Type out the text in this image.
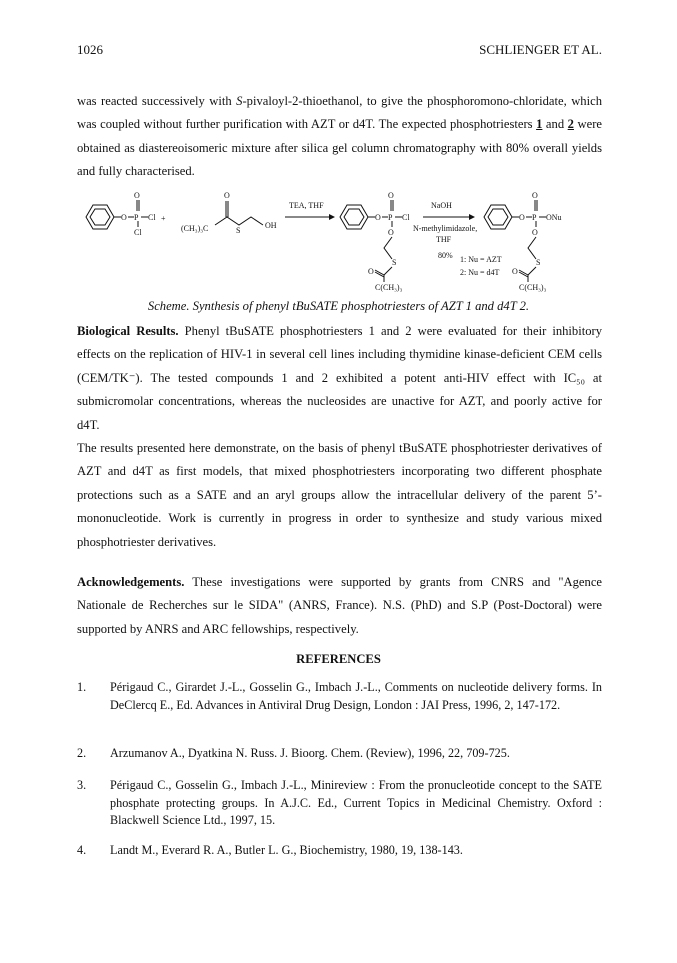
1026	SCHLIENGER ET AL.
was reacted successively with S-pivaloyl-2-thioethanol, to give the phosphoromono-chloridate, which was coupled without further purification with AZT or d4T. The expected phosphotriesters 1 and 2 were obtained as diastereoisomeric mixture after silica gel column chromatography with 80% overall yields and fully characterised.
O P
O
Cl
Cl +
(CH₃)₃C
O
S
OH
TEA, THF
O P
O
Cl
O
S
O
C(CH₃)₃
NaOH
N-methylimidazole,
THF
80% 1: Nu = AZT
2: Nu = d4T
O P
O
ONu
O
S
O
C(CH₃)₃
Scheme. Synthesis of phenyl tBuSATE phosphotriesters of AZT 1 and d4T 2.
Biological Results. Phenyl tBuSATE phosphotriesters 1 and 2 were evaluated for their inhibitory effects on the replication of HIV-1 in several cell lines including thymidine kinase-deficient CEM cells (CEM/TK⁻). The tested compounds 1 and 2 exhibited a potent anti-HIV effect with IC₅₀ at submicromolar concentrations, whereas the nucleosides are unactive for AZT, and poorly active for d4T.
The results presented here demonstrate, on the basis of phenyl tBuSATE phosphotriester derivatives of AZT and d4T as first models, that mixed phosphotriesters incorporating two different phosphate protections such as a SATE and an aryl groups allow the intracellular delivery of the parent 5’-mononucleotide. Work is currently in progress in order to synthesize and study various mixed phosphotriester derivatives.
Acknowledgements. These investigations were supported by grants from CNRS and "Agence Nationale de Recherches sur le SIDA" (ANRS, France). N.S. (PhD) and S.P (Post-Doctoral) were supported by ANRS and ARC fellowships, respectively.
REFERENCES
1. Périgaud C., Girardet J.-L., Gosselin G., Imbach J.-L., Comments on nucleotide delivery forms. In DeClercq E., Ed. Advances in Antiviral Drug Design, London : JAI Press, 1996, 2, 147-172.
2. Arzumanov A., Dyatkina N. Russ. J. Bioorg. Chem. (Review), 1996, 22, 709-725.
3. Périgaud C., Gosselin G., Imbach J.-L., Minireview : From the pronucleotide concept to the SATE phosphate protecting groups. In A.J.C. Ed., Current Topics in Medicinal Chemistry. Oxford : Blackwell Science Ltd., 1997, 15.
4. Landt M., Everard R. A., Butler L. G., Biochemistry, 1980, 19, 138-143.
